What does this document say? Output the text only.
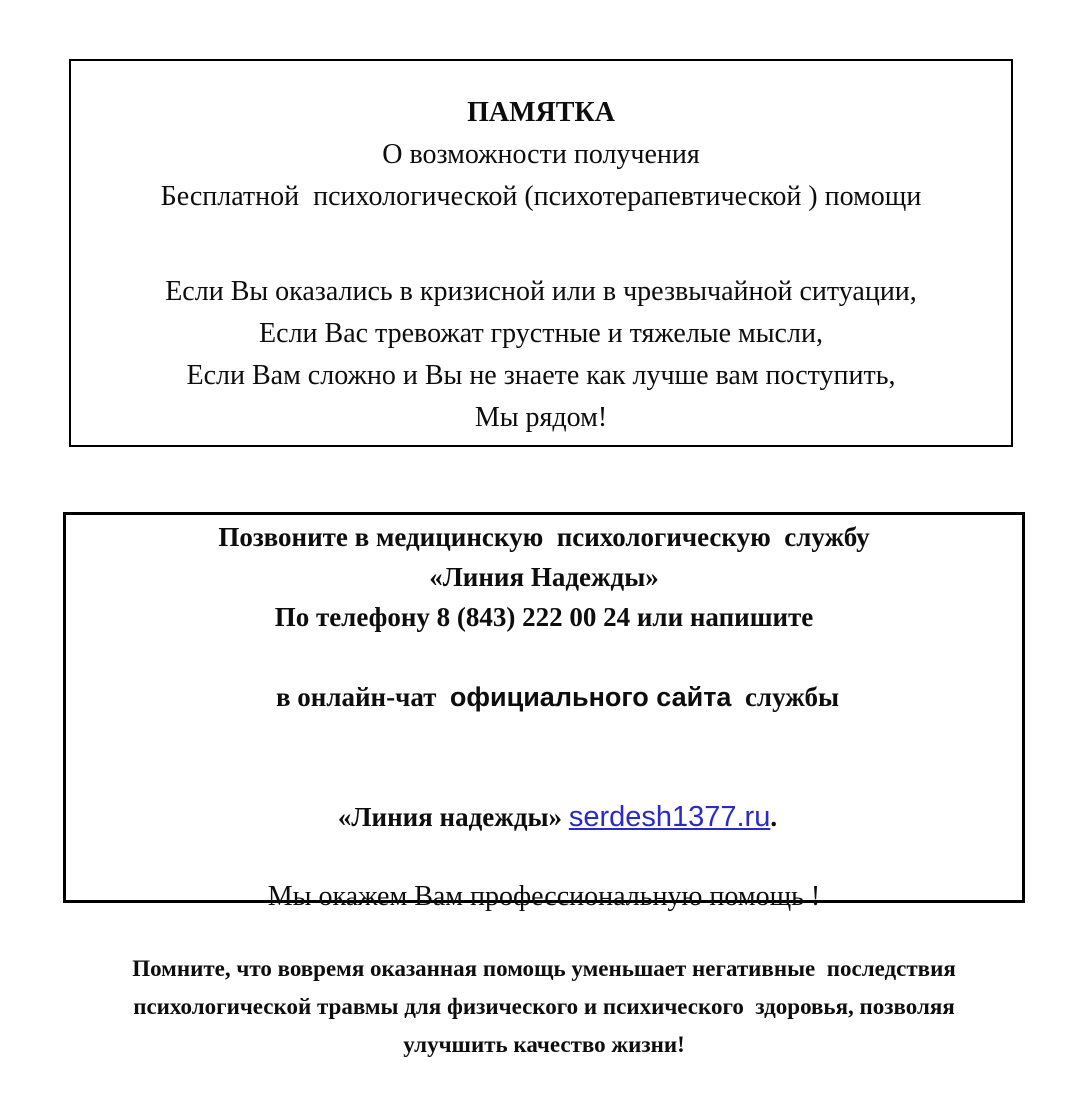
ПАМЯТКА
О возможности получения
Бесплатной  психологической (психотерапевтической ) помощи
Если Вы оказались в кризисной или в чрезвычайной ситуации,
Если Вас тревожат грустные и тяжелые мысли,
Если Вам сложно и Вы не знаете как лучше вам поступить,
Мы рядом!
Позвоните в медицинскую  психологическую  службу
«Линия Надежды»
По телефону 8 (843) 222 00 24 или напишите

в онлайн-чат  официального сайта  службы

«Линия надежды» serdesh1377.ru.

Мы окажем Вам профессиональную помощь !
Помните, что вовремя оказанная помощь уменьшает негативные  последствия психологической травмы для физического и психического  здоровья, позволяя улучшить качество жизни!
